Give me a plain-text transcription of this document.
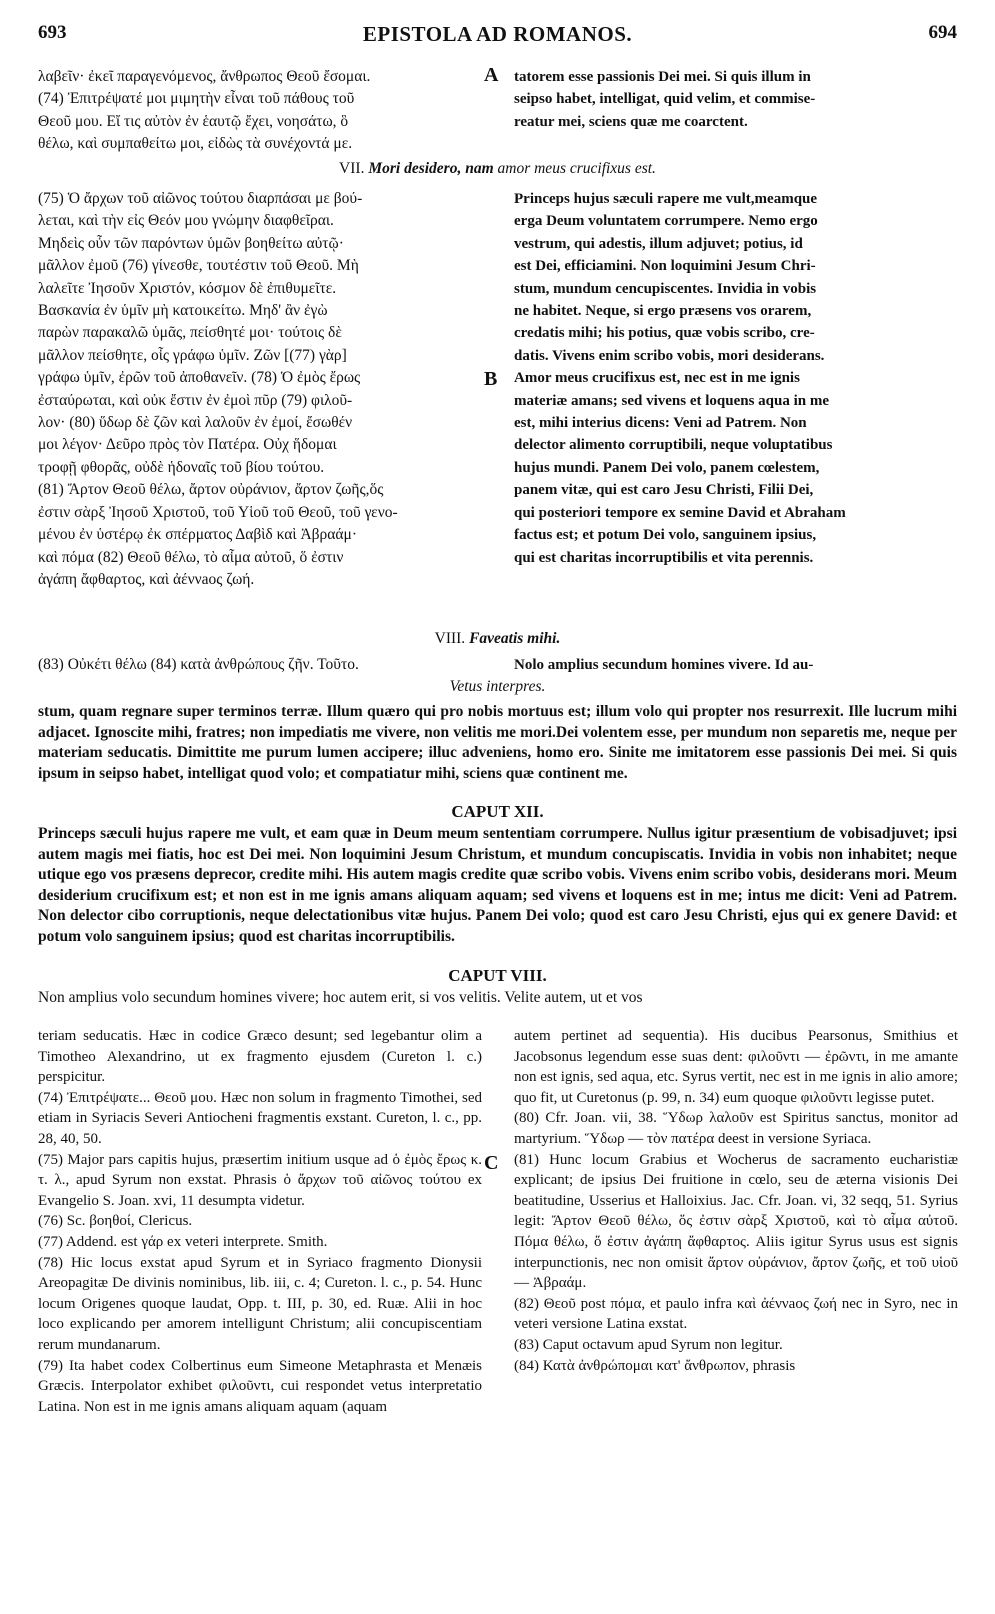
693	EPISTOLA AD ROMANOS.	694

λαβεῖν· ἐκεῖ παραγενόμενος, ἄνθρωπος Θεοῦ ἔσομαι.

(74) Ἐπιτρέψατέ μοι μιμητὴν εἶναι τοῦ πάθους τοῦ

Θεοῦ μου. Εἴ τις αὐτὸν ἐν ἑαυτῷ ἔχει, νοησάτω, ὃ

θέλω, καὶ συμπαθείτω μοι, εἰδὼς τὰ συνέχοντά με.

A tatorem esse passionis Dei mei. Si quis illum in

seipso habet, intelligat, quid velim, et commise-

reatur mei, sciens quæ me coarctent.

VII. Mori desidero, nam amor meus crucifixus est.

(75) Ὁ ἄρχων τοῦ αἰῶνος τούτου διαρπάσαι με βού-

λεται, καὶ τὴν εἰς Θεόν μου γνώμην διαφθεῖραι.

Μηδεὶς οὖν τῶν παρόντων ὑμῶν βοηθείτω αὐτῷ·

μᾶλλον ἐμοῦ (76) γίνεσθε, τουτέστιν τοῦ Θεοῦ. Μὴ

λαλεῖτε Ἰησοῦν Χριστόν, κόσμον δὲ ἐπιθυμεῖτε.

Βασκανία ἐν ὑμῖν μὴ κατοικείτω. Μηδ' ἂν ἐγὼ

παρὼν παρακαλῶ ὑμᾶς, πείσθητέ μοι· τούτοις δὲ

μᾶλλον πείσθητε, οἷς γράφω ὑμῖν. Ζῶν [(77) γὰρ]

γράφω ὑμῖν, ἐρῶν τοῦ ἀποθανεῖν. (78) Ὁ ἐμὸς ἔρως

ἐσταύρωται, καὶ οὐκ ἔστιν ἐν ἐμοὶ πῦρ (79) φιλοῦ-

λον· (80) ὕδωρ δὲ ζῶν καὶ λαλοῦν ἐν ἐμοί, ἔσωθέν

μοι λέγον· Δεῦρο πρὸς τὸν Πατέρα. Οὐχ ἥδομαι

τροφῇ φθορᾶς, οὐδὲ ἡδοναῖς τοῦ βίου τούτου.

(81) Ἄρτον Θεοῦ θέλω, ἄρτον οὐράνιον, ἄρτον ζωῆς,ὅς

ἐστιν σὰρξ Ἰησοῦ Χριστοῦ, τοῦ Υἱοῦ τοῦ Θεοῦ, τοῦ γενο-

μένου ἐν ὑστέρῳ ἐκ σπέρματος Δαβὶδ καὶ Ἀβραάμ·

καὶ πόμα (82) Θεοῦ θέλω, τὸ αἷμα αὐτοῦ, ὅ ἐστιν

ἀγάπη ἄφθαρτος, καὶ ἀέννaος ζωή.

B

Princeps hujus sæculi rapere me vult,meamque

erga Deum voluntatem corrumpere. Nemo ergo

vestrum, qui adestis, illum adjuvet; potius, id

est Dei, efficiamini. Non loquimini Jesum Chri-

stum, mundum cencupiscentes. Invidia in vobis

ne habitet. Neque, si ergo præsens vos orarem,

credatis mihi; his potius, quæ vobis scribo, cre-

datis. Vivens enim scribo vobis, mori desiderans.

Amor meus crucifixus est, nec est in me ignis

materiæ amans; sed vivens et loquens aqua in me

est, mihi interius dicens: Veni ad Patrem. Non

delector alimento corruptibili, neque voluptatibus

hujus mundi. Panem Dei volo, panem cœlestem,

panem vitæ, qui est caro Jesu Christi, Filii Dei,

qui posteriori tempore ex semine David et Abraham

factus est; et potum Dei volo, sanguinem ipsius,

qui est charitas incorruptibilis et vita perennis.

VIII. Faveatis mihi.

(83) Οὐκέτι θέλω (84) κατὰ ἀνθρώπους ζῆν. Τοῦτο.	Nolo amplius secundum homines vivere. Id au-

Vetus interpres.

stum, quam regnare super terminos terræ. Illum quæro qui pro nobis mortuus est; illum volo qui propter nos resurrexit. Ille lucrum mihi adjacet. Ignoscite mihi, fratres; non impediatis me vivere, non velitis me mori.Dei volentem esse, per mundum non separetis me, neque per materiam seducatis. Dimittite me purum lumen accipere; illuc adveniens, homo ero. Sinite me imitatorem esse passionis Dei mei. Si quis ipsum in seipso habet, intelligat quod volo; et compatiatur mihi, sciens quæ continent me.

CAPUT XII.

Princeps sæculi hujus rapere me vult, et eam quæ in Deum meum sententiam corrumpere. Nullus igitur præsentium de vobisadjuvet; ipsi autem magis mei fiatis, hoc est Dei mei. Non loquimini Jesum Christum, et mundum concupiscatis. Invidia in vobis non inhabitet; neque utique ego vos præsens deprecor, credite mihi. His autem magis credite quæ scribo vobis. Vivens enim scribo vobis, desiderans mori. Meum desiderium crucifixum est; et non est in me ignis amans aliquam aquam; sed vivens et loquens est in me; intus me dicit: Veni ad Patrem. Non delector cibo corruptionis, neque delectationibus vitæ hujus. Panem Dei volo; quod est caro Jesu Christi, ejus qui ex genere David: et potum volo sanguinem ipsius; quod est charitas incorruptibilis.

CAPUT VIII.

Non amplius volo secundum homines vivere; hoc autem erit, si vos velitis. Velite autem, ut et vos

teriam seducatis. Hæc in codice Græco desunt; sed legebantur olim a Timotheo Alexandrino, ut ex fragmento ejusdem (Cureton l. c.) perspicitur.

(74) Ἐπιτρέψατε... Θεοῦ μου. Hæc non solum in fragmento Timothei, sed etiam in Syriacis Severi Antiocheni fragmentis exstant. Cureton, l. c., pp. 28, 40, 50.

(75) Major pars capitis hujus, præsertim initium usque ad ὁ ἐμὸς ἔρως κ. τ. λ., apud Syrum non exstat. Phrasis ὁ ἄρχων τοῦ αἰῶνος τούτου ex Evangelio S. Joan. xvi, 11 desumpta videtur.

(76) Sc. βοηθοί, Clericus.

(77) Addend. est γάρ ex veteri interprete. Smith.

(78) Hic locus exstat apud Syrum et in Syriaco fragmento Dionysii Areopagitæ De divinis nominibus, lib. iii, c. 4; Cureton. l. c., p. 54. Hunc locum Origenes quoque laudat, Opp. t. III, p. 30, ed. Ruæ. Alii in hoc loco explicando per amorem intelligunt Christum; alii concupiscentiam rerum mundanarum.

(79) Ita habet codex Colbertinus eum Simeone Metaphrasta et Menæis Græcis. Interpolator exhibet φιλοῦντι, cui respondet vetus interpretatio Latina. Non est in me ignis amans aliquam aquam (aquam

C

autem pertinet ad sequentia). His ducibus Pearsonus, Smithius et Jacobsonus legendum esse suas dent: φιλοῦντι — ἐρῶντι, in me amante non est ignis, sed aqua, etc. Syrus vertit, nec est in me ignis in alio amore; quo fit, ut Curetonus (p. 99, n. 34) eum quoque φιλοῦντι legisse putet.

(80) Cfr. Joan. vii, 38. Ὕδωρ λαλοῦν est Spiritus sanctus, monitor ad martyrium. Ὕδωρ — τὸν πατέρα deest in versione Syriaca.

(81) Hunc locum Grabius et Wocherus de sacramento eucharistiæ explicant; de ipsius Dei fruitione in cœlo, seu de æterna visionis Dei beatitudine, Usserius et Halloixius. Jac. Cfr. Joan. vi, 32 seqq, 51. Syrius legit: Ἄρτον Θεοῦ θέλω, ὅς ἐστιν σὰρξ Χριστοῦ, καὶ τὸ αἷμα αὐτοῦ. Πόμα θέλω, ὅ ἐστιν ἀγάπη ἄφθαρτος. Aliis igitur Syrus usus est signis interpunctionis, nec non omisit ἄρτον οὐράνιον, ἄρτον ζωῆς, et τοῦ υἱοῦ — Ἀβραάμ.

(82) Θεοῦ post πόμα, et paulo infra καὶ ἀέννaος ζωή nec in Syro, nec in veteri versione Latina exstat.

(83) Caput octavum apud Syrum non legitur.

(84) Κατὰ ἀνθρώπομαι κατ' ἄνθρωπον, phrasis
